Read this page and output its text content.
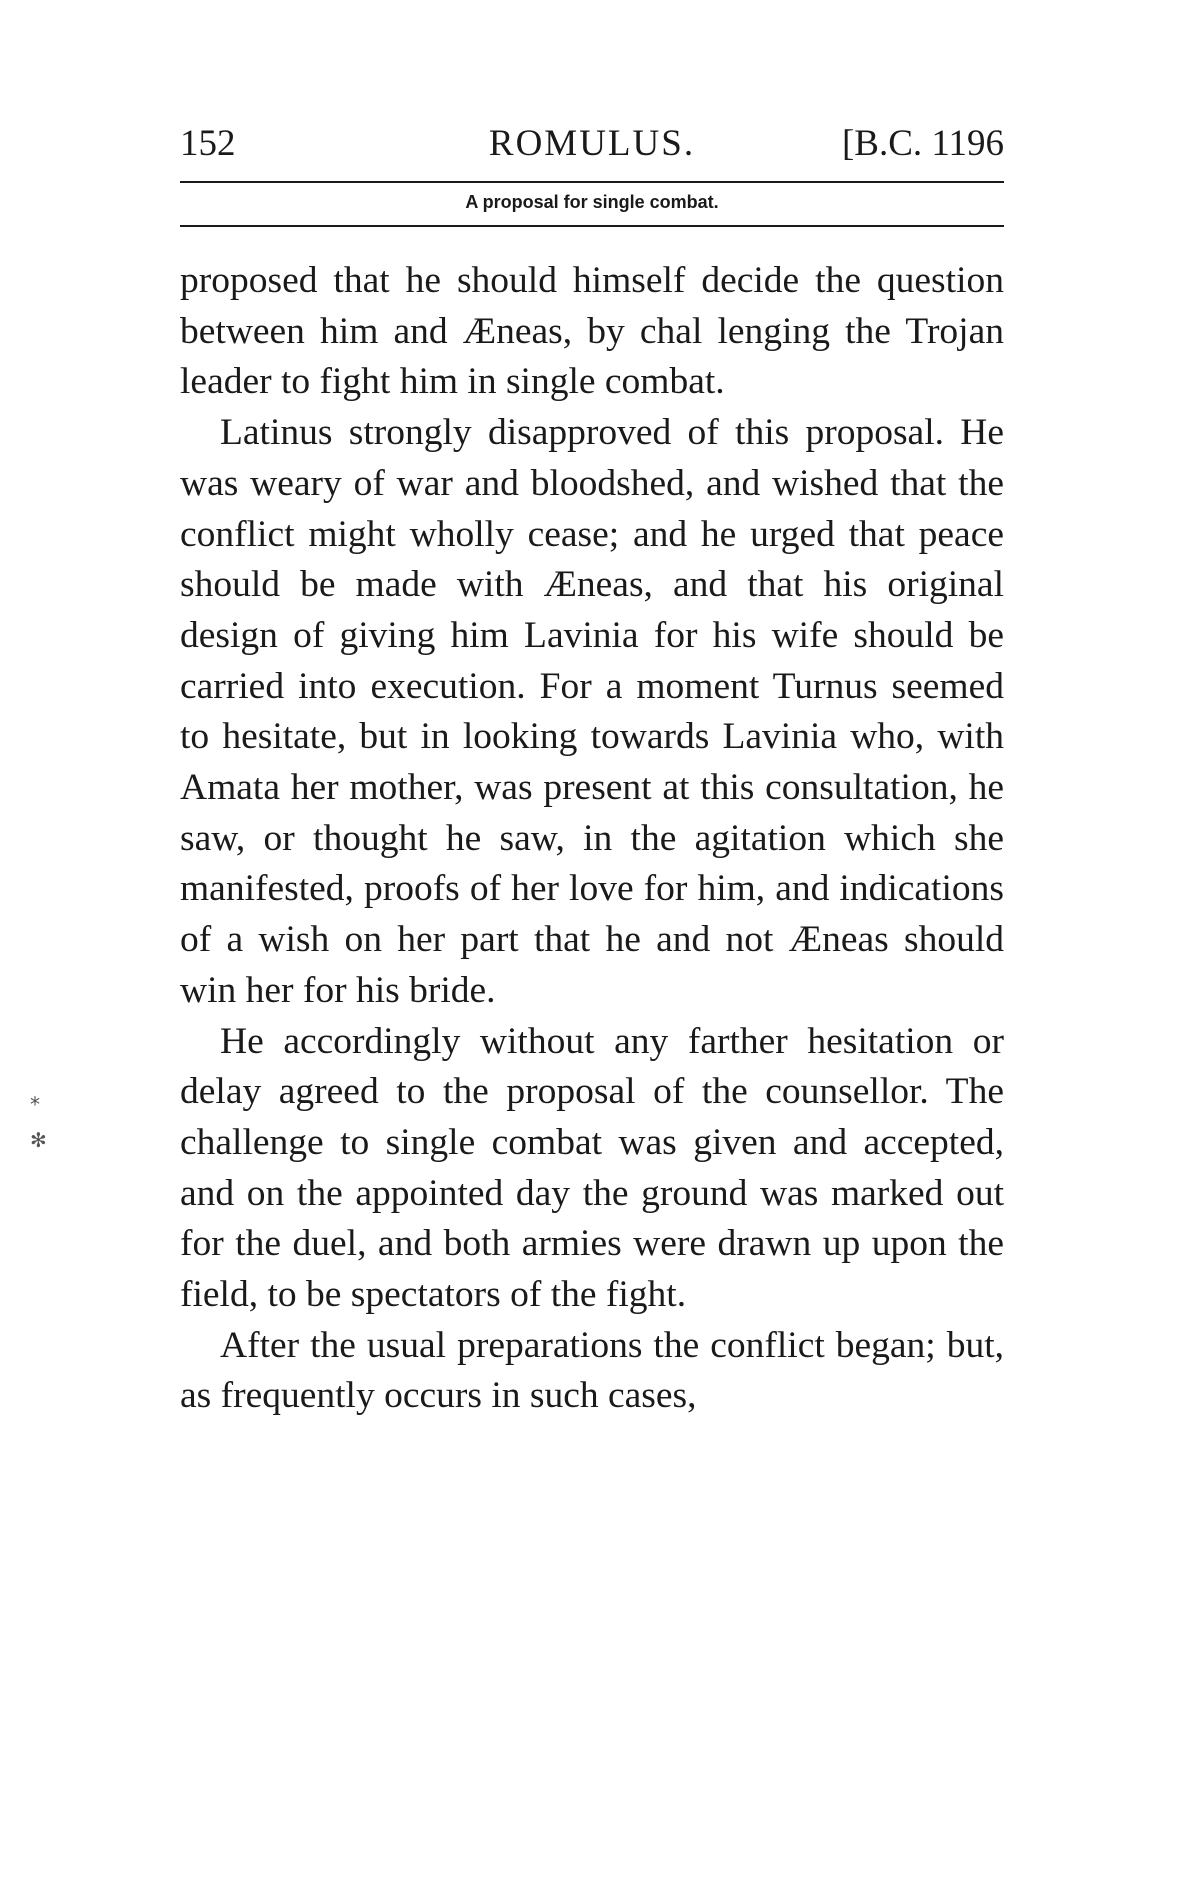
152	ROMULUS.	[B.C. 1196
A proposal for single combat.

proposed that he should himself decide the question between him and Æneas, by chal lenging the Trojan leader to fight him in single combat.

Latinus strongly disapproved of this proposal. He was weary of war and bloodshed, and wished that the conflict might wholly cease; and he urged that peace should be made with Æneas, and that his original design of giving him Lavinia for his wife should be carried into execution. For a moment Turnus seemed to hesitate, but in looking towards Lavinia who, with Amata her mother, was present at this consultation, he saw, or thought he saw, in the agitation which she manifested, proofs of her love for him, and indications of a wish on her part that he and not Æneas should win her for his bride.

He accordingly without any farther hesitation or delay agreed to the proposal of the counsellor. The challenge to single combat was given and accepted, and on the appointed day the ground was marked out for the duel, and both armies were drawn up upon the field, to be spectators of the fight.

After the usual preparations the conflict began; but, as frequently occurs in such cases,

⁎
✻
